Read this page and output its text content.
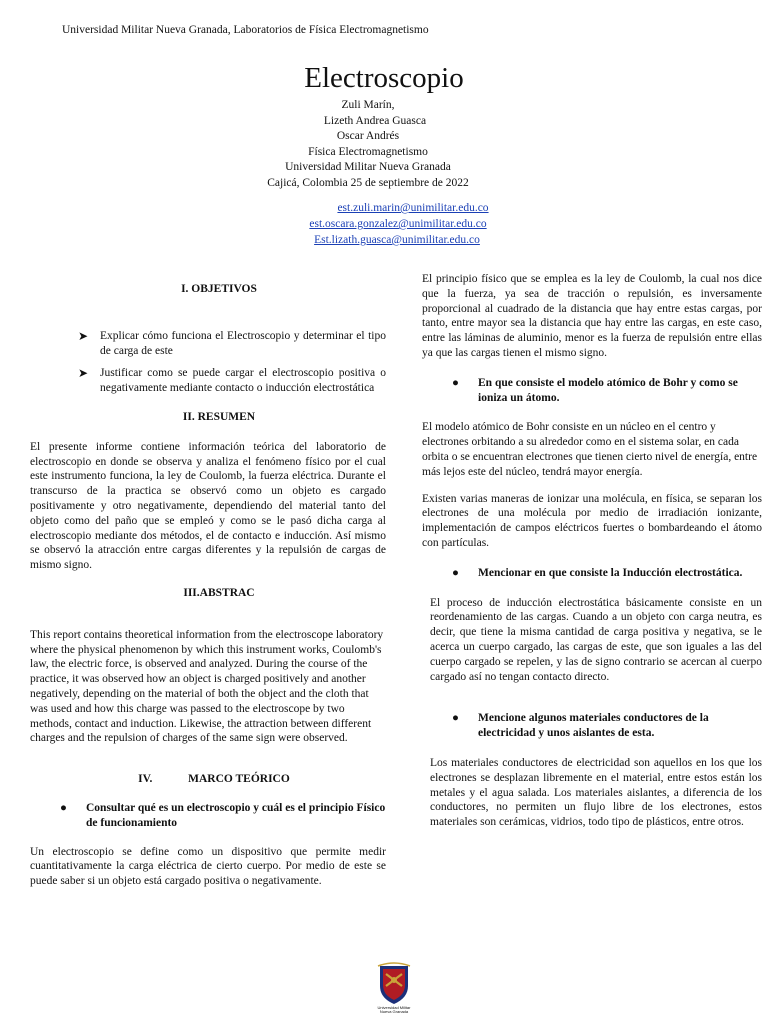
Universidad Militar Nueva Granada, Laboratorios de Física Electromagnetismo
Electroscopio
Zuli Marín,
Lizeth Andrea Guasca
Oscar Andrés
Física Electromagnetismo
Universidad Militar Nueva Granada
Cajicá, Colombia 25 de septiembre de 2022
est.zuli.marin@unimilitar.edu.co
est.oscara.gonzalez@unimilitar.edu.co
Est.lizath.guasca@unimilitar.edu.co
I. OBJETIVOS
➤	Explicar cómo funciona el Electroscopio y determinar el tipo de carga de este
➤	Justificar como se puede cargar el electroscopio positiva o negativamente mediante contacto o inducción electrostática
II. RESUMEN

El presente informe contiene información teórica del laboratorio de electroscopio en donde se observa y analiza el fenómeno físico por el cual este instrumento funciona, la ley de Coulomb, la fuerza eléctrica. Durante el transcurso de la practica se observó como un objeto es cargado positivamente y otro negativamente, dependiendo del material tanto del objeto como del paño que se empleó y como se le pasó dicha carga al electroscopio mediante dos métodos, el de contacto e inducción. Así mismo se observó la atracción entre cargas diferentes y la repulsión de cargas de mismo signo.

III.ABSTRAC

This report contains theoretical information from the electroscope laboratory where the physical phenomenon by which this instrument works, Coulomb's law, the electric force, is observed and analyzed. During the course of the practice, it was observed how an object is charged positively and another negatively, depending on the material of both the object and the cloth that was used and how this charge was passed to the electroscope by two methods, contact and induction. Likewise, the attraction between different charges and the repulsion of charges of the same sign were observed.

IV.	MARCO TEÓRICO
●	Consultar qué es un electroscopio y cuál es el principio Físico de funcionamiento

Un electroscopio se define como un dispositivo que permite medir cuantitativamente la carga eléctrica de cierto cuerpo. Por medio de este se puede saber si un objeto está cargado positiva o negativamente.

El principio físico que se emplea es la ley de Coulomb, la cual nos dice que la fuerza, ya sea de tracción o repulsión, es inversamente proporcional al cuadrado de la distancia que hay entre estas cargas, por tanto, entre mayor sea la distancia que hay entre las cargas, en este caso, entre las láminas de aluminio, menor es la fuerza de repulsión entre ellas ya que las cargas tienen el mismo signo.

●	En que consiste el modelo atómico de Bohr y como se ioniza un átomo.

El modelo atómico de Bohr consiste en un núcleo en el centro y electrones orbitando a su alrededor como en el sistema solar, en cada orbita o se encuentran electrones que tienen cierto nivel de energía, entre más lejos este del núcleo, tendrá mayor energía.

Existen varias maneras de ionizar una molécula, en física, se separan los electrones de una molécula por medio de irradiación ionizante, implementación de campos eléctricos fuertes o bombardeando el átomo con partículas.

●	Mencionar en que consiste la Inducción electrostática.

El proceso de inducción electrostática básicamente consiste en un reordenamiento de las cargas. Cuando a un objeto con carga neutra, es decir, que tiene la misma cantidad de carga positiva y negativa, se le acerca un cuerpo cargado, las cargas de este, que son iguales a las del cuerpo cargado se repelen, y las de signo contrario se acercan al cuerpo cargado así no tengan contacto directo.

●	Mencione algunos materiales conductores de la electricidad y unos aislantes de esta.

Los materiales conductores de electricidad son aquellos en los que los electrones se desplazan libremente en el material, entre estos están los metales y el agua salada. Los materiales aislantes, a diferencia de los conductores, no permiten un flujo libre de los electrones, estos materiales son cerámicas, vidrios, todo tipo de plásticos, entre otros.

Universidad Militar Nueva Granada
